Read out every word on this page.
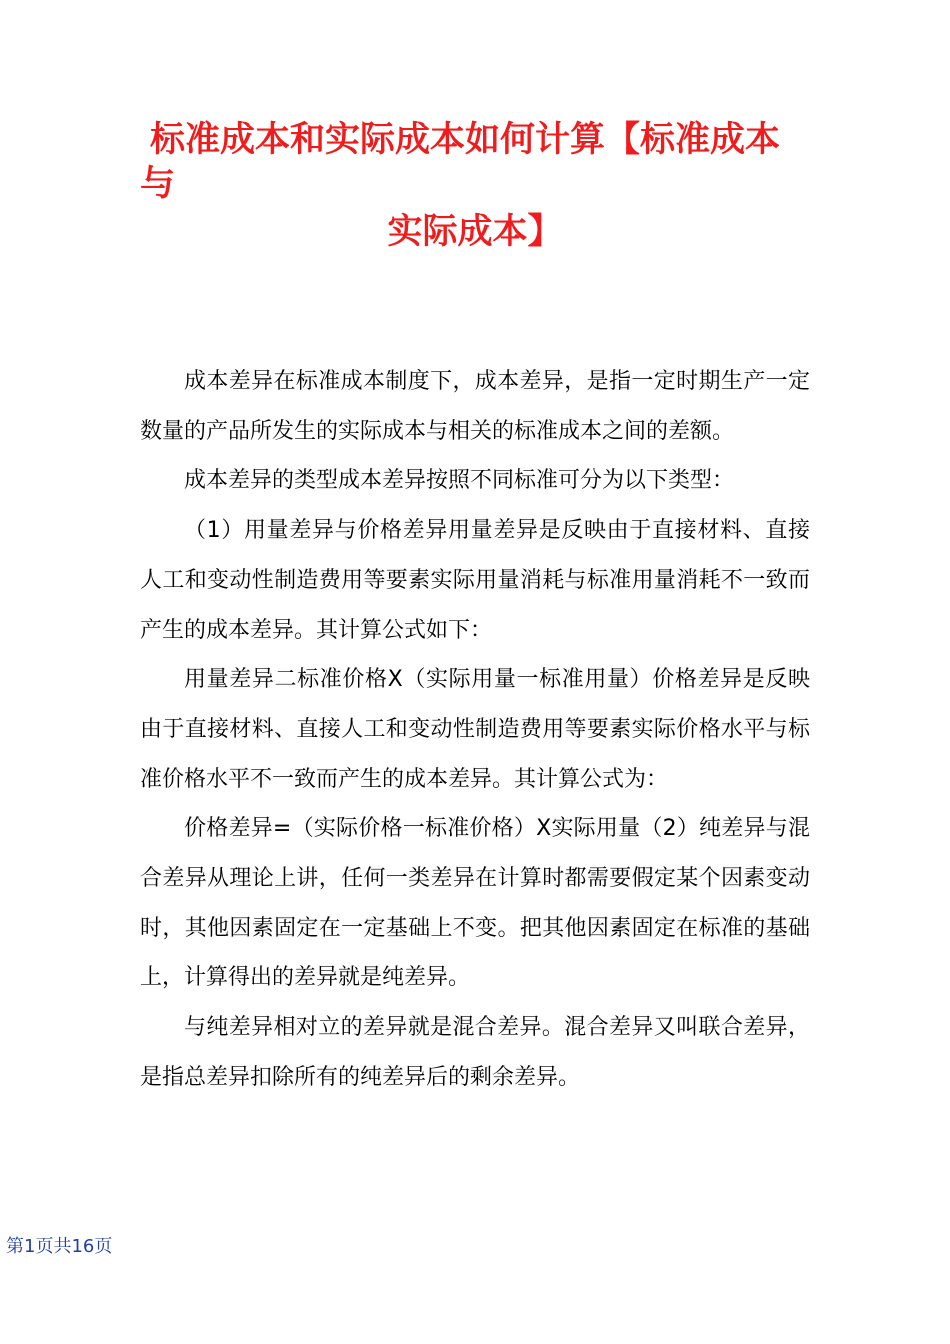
标准成本和实际成本如何计算【标准成本与
实际成本】

成本差异在标准成本制度下，成本差异，是指一定时期生产一定数量的产品所发生的实际成本与相关的标准成本之间的差额。

成本差异的类型成本差异按照不同标准可分为以下类型：

（1）用量差异与价格差异用量差异是反映由于直接材料、直接人工和变动性制造费用等要素实际用量消耗与标准用量消耗不一致而产生的成本差异。其计算公式如下：

用量差异二标准价格X（实际用量一标准用量）价格差异是反映由于直接材料、直接人工和变动性制造费用等要素实际价格水平与标准价格水平不一致而产生的成本差异。其计算公式为：

价格差异=（实际价格一标准价格）X实际用量（2）纯差异与混合差异从理论上讲，任何一类差异在计算时都需要假定某个因素变动时，其他因素固定在一定基础上不变。把其他因素固定在标准的基础上，计算得出的差异就是纯差异。

与纯差异相对立的差异就是混合差异。混合差异又叫联合差异，是指总差异扣除所有的纯差异后的剩余差异。

第1页共16页
